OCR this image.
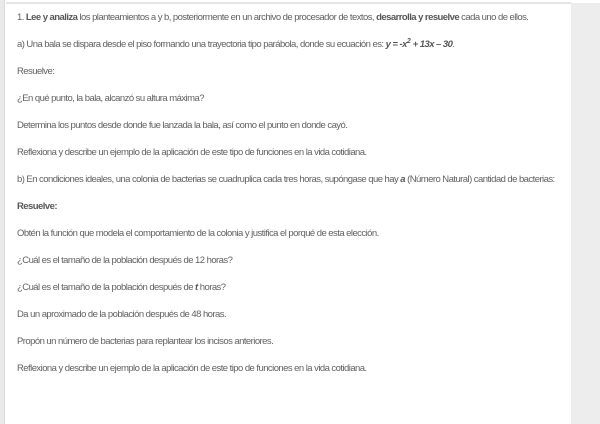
1. Lee y analiza los planteamientos a y b, posteriormente en un archivo de procesador de textos, desarrolla y resuelve cada uno de ellos.

a) Una bala se dispara desde el piso formando una trayectoria tipo parábola, donde su ecuación es: $y = -x^2 + 13x - 30$.

Resuelve:

¿En qué punto, la bala, alcanzó su altura máxima?

Determina los puntos desde donde fue lanzada la bala, así como el punto en donde cayó.

Reflexiona y describe un ejemplo de la aplicación de este tipo de funciones en la vida cotidiana.

b) En condiciones ideales, una colonia de bacterias se cuadruplica cada tres horas, supóngase que hay a (Número Natural) cantidad de bacterias:

Resuelve:

Obtén la función que modela el comportamiento de la colonia y justifica el porqué de esta elección.

¿Cuál es el tamaño de la población después de 12 horas?

¿Cuál es el tamaño de la población después de t horas?

Da un aproximado de la población después de 48 horas.

Propón un número de bacterias para replantear los incisos anteriores.

Reflexiona y describe un ejemplo de la aplicación de este tipo de funciones en la vida cotidiana.
